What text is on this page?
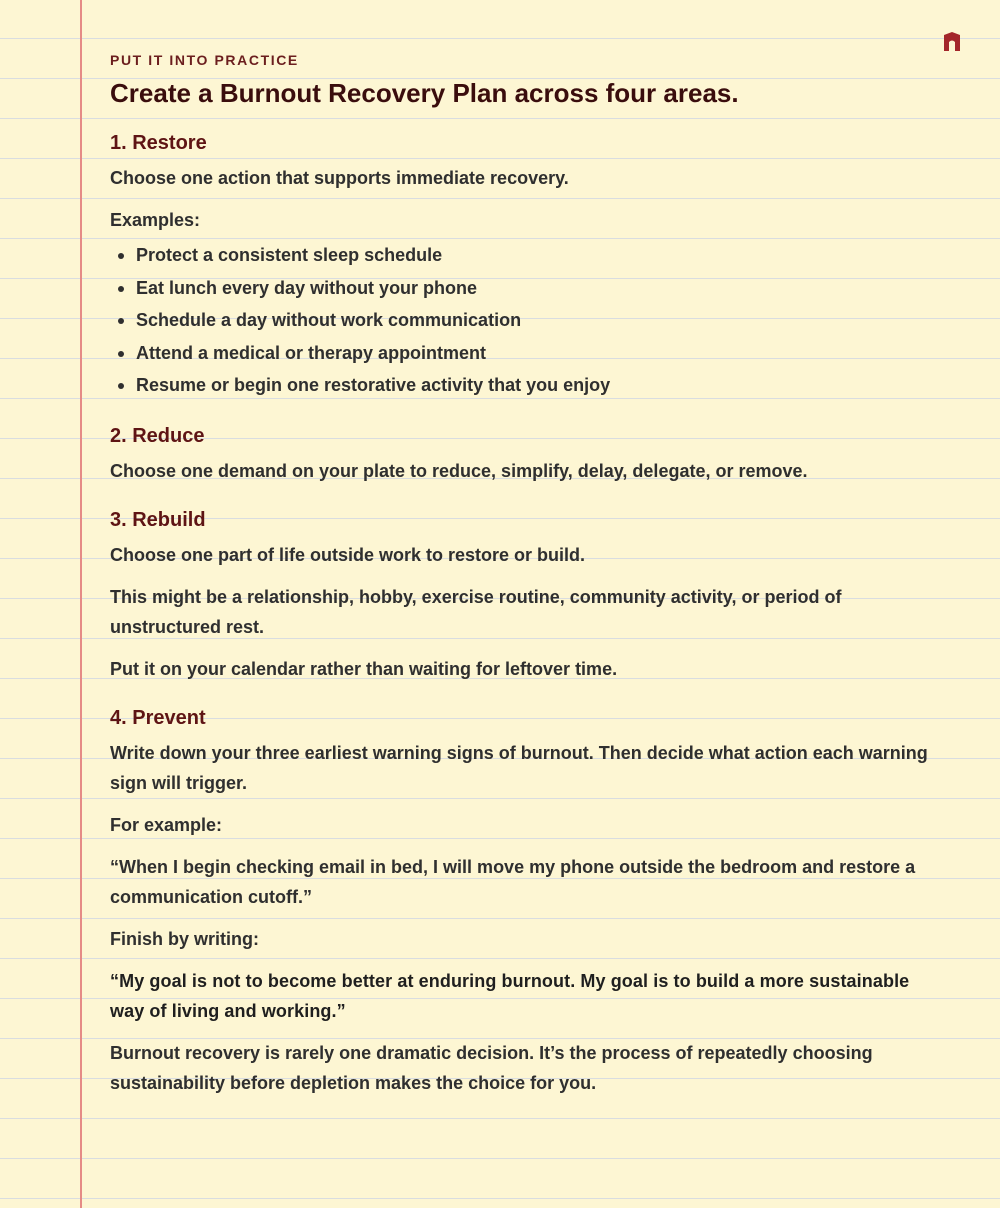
PUT IT INTO PRACTICE
Create a Burnout Recovery Plan across four areas.
1. Restore

Choose one action that supports immediate recovery.

Examples:

Protect a consistent sleep schedule
Eat lunch every day without your phone
Schedule a day without work communication
Attend a medical or therapy appointment
Resume or begin one restorative activity that you enjoy
2. Reduce

Choose one demand on your plate to reduce, simplify, delay, delegate, or remove.

3. Rebuild

Choose one part of life outside work to restore or build.

This might be a relationship, hobby, exercise routine, community activity, or period of unstructured rest.

Put it on your calendar rather than waiting for leftover time.

4. Prevent

Write down your three earliest warning signs of burnout. Then decide what action each warning sign will trigger.

For example:

“When I begin checking email in bed, I will move my phone outside the bedroom and restore a communication cutoff.”

Finish by writing:

“My goal is not to become better at enduring burnout. My goal is to build a more sustainable way of living and working.”

Burnout recovery is rarely one dramatic decision. It’s the process of repeatedly choosing sustainability before depletion makes the choice for you.
